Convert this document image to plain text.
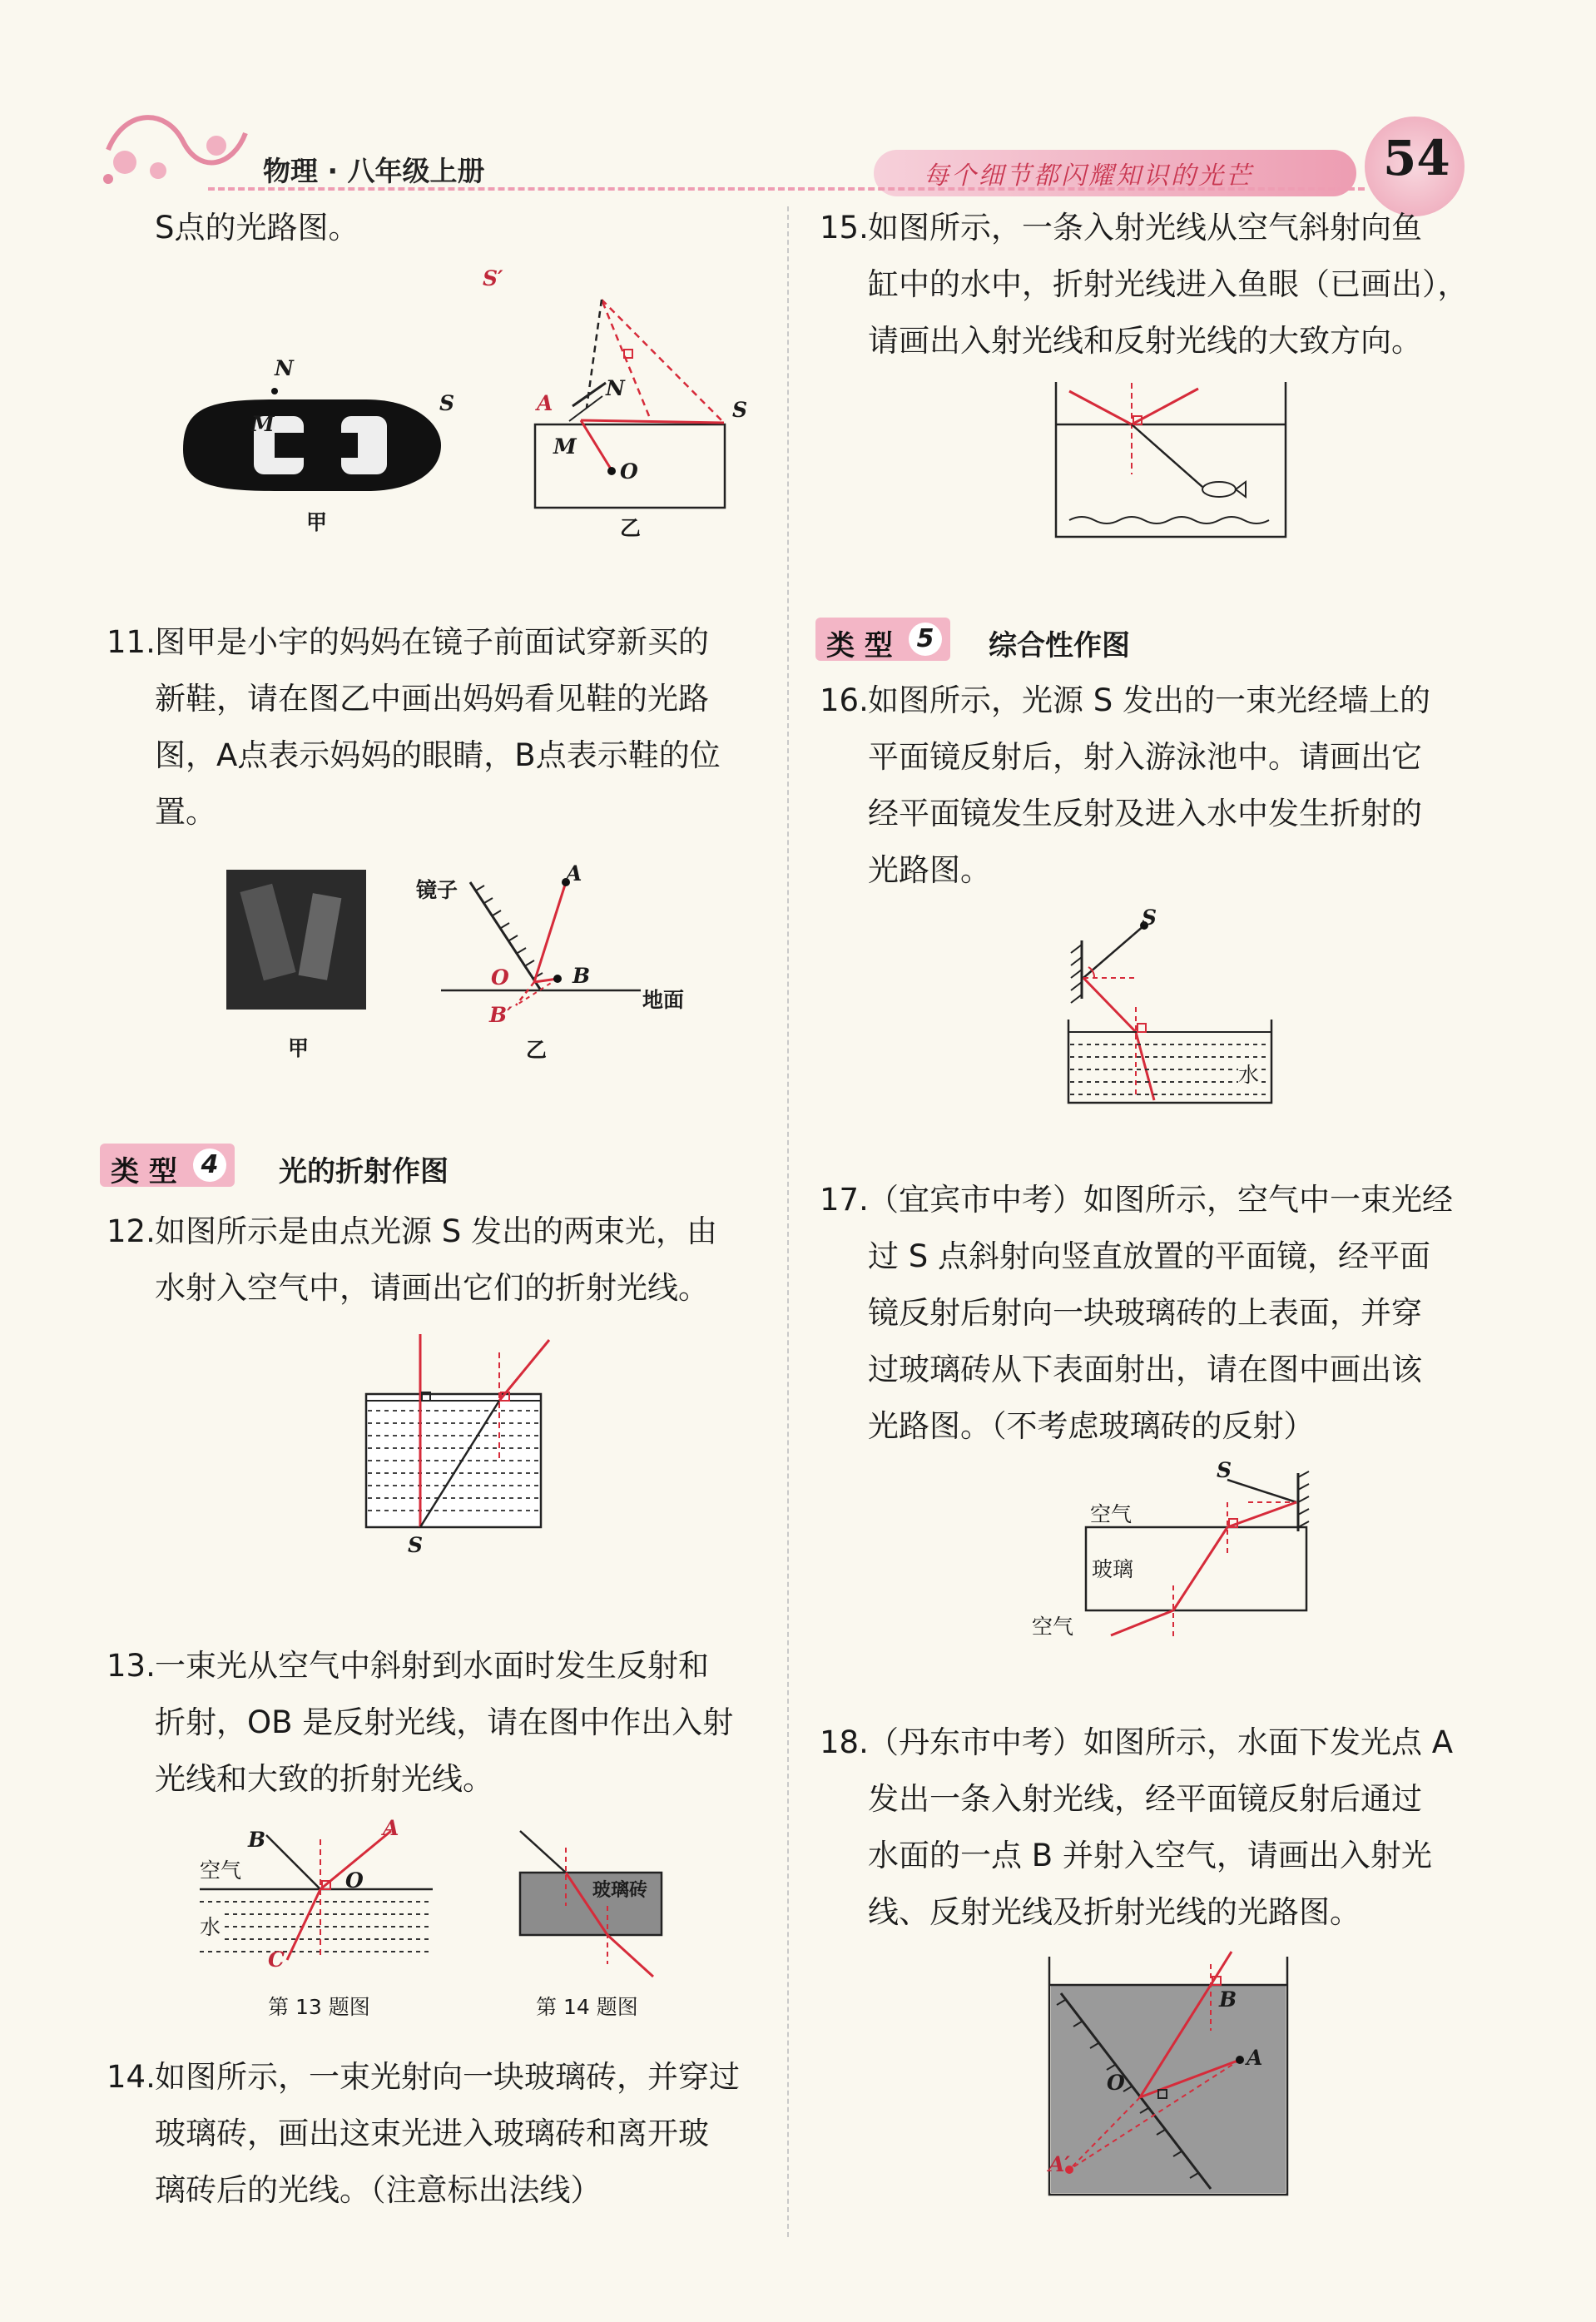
物理 · 八年级上册	每个细节都闪耀知识的光芒	54
S点的光路图。
N
M
S
甲
S′
N
A	S
M
O
乙
11. 图甲是小宇的妈妈在镜子前面试穿新买的
新鞋，请在图乙中画出妈妈看见鞋的光路
图，A点表示妈妈的眼睛，B点表示鞋的位
置。
甲
镜子
A
B
O
B′
地面
乙
类 型 4 光的折射作图
12. 如图所示是由点光源 S 发出的两束光，由
水射入空气中，请画出它们的折射光线。
S
13. 一束光从空气中斜射到水面时发生反射和
折射，OB 是反射光线，请在图中作出入射
光线和大致的折射光线。
B	A
O
C
空气
水
第 13 题图
玻璃砖
第 14 题图
14. 如图所示，一束光射向一块玻璃砖，并穿过
玻璃砖，画出这束光进入玻璃砖和离开玻
璃砖后的光线。（注意标出法线）
15. 如图所示，一条入射光线从空气斜射向鱼
缸中的水中，折射光线进入鱼眼（已画出），
请画出入射光线和反射光线的大致方向。
类 型 5 综合性作图
16. 如图所示，光源 S 发出的一束光经墙上的
平面镜反射后，射入游泳池中。请画出它
经平面镜发生反射及进入水中发生折射的
光路图。
S
水
17. （宜宾市中考）如图所示，空气中一束光经
过 S 点斜射向竖直放置的平面镜，经平面
镜反射后射向一块玻璃砖的上表面，并穿
过玻璃砖从下表面射出，请在图中画出该
光路图。（不考虑玻璃砖的反射）
S
空气
玻璃
空气
18. （丹东市中考）如图所示，水面下发光点 A
发出一条入射光线，经平面镜反射后通过
水面的一点 B 并射入空气，请画出入射光
线、反射光线及折射光线的光路图。
B
A
O
A′
